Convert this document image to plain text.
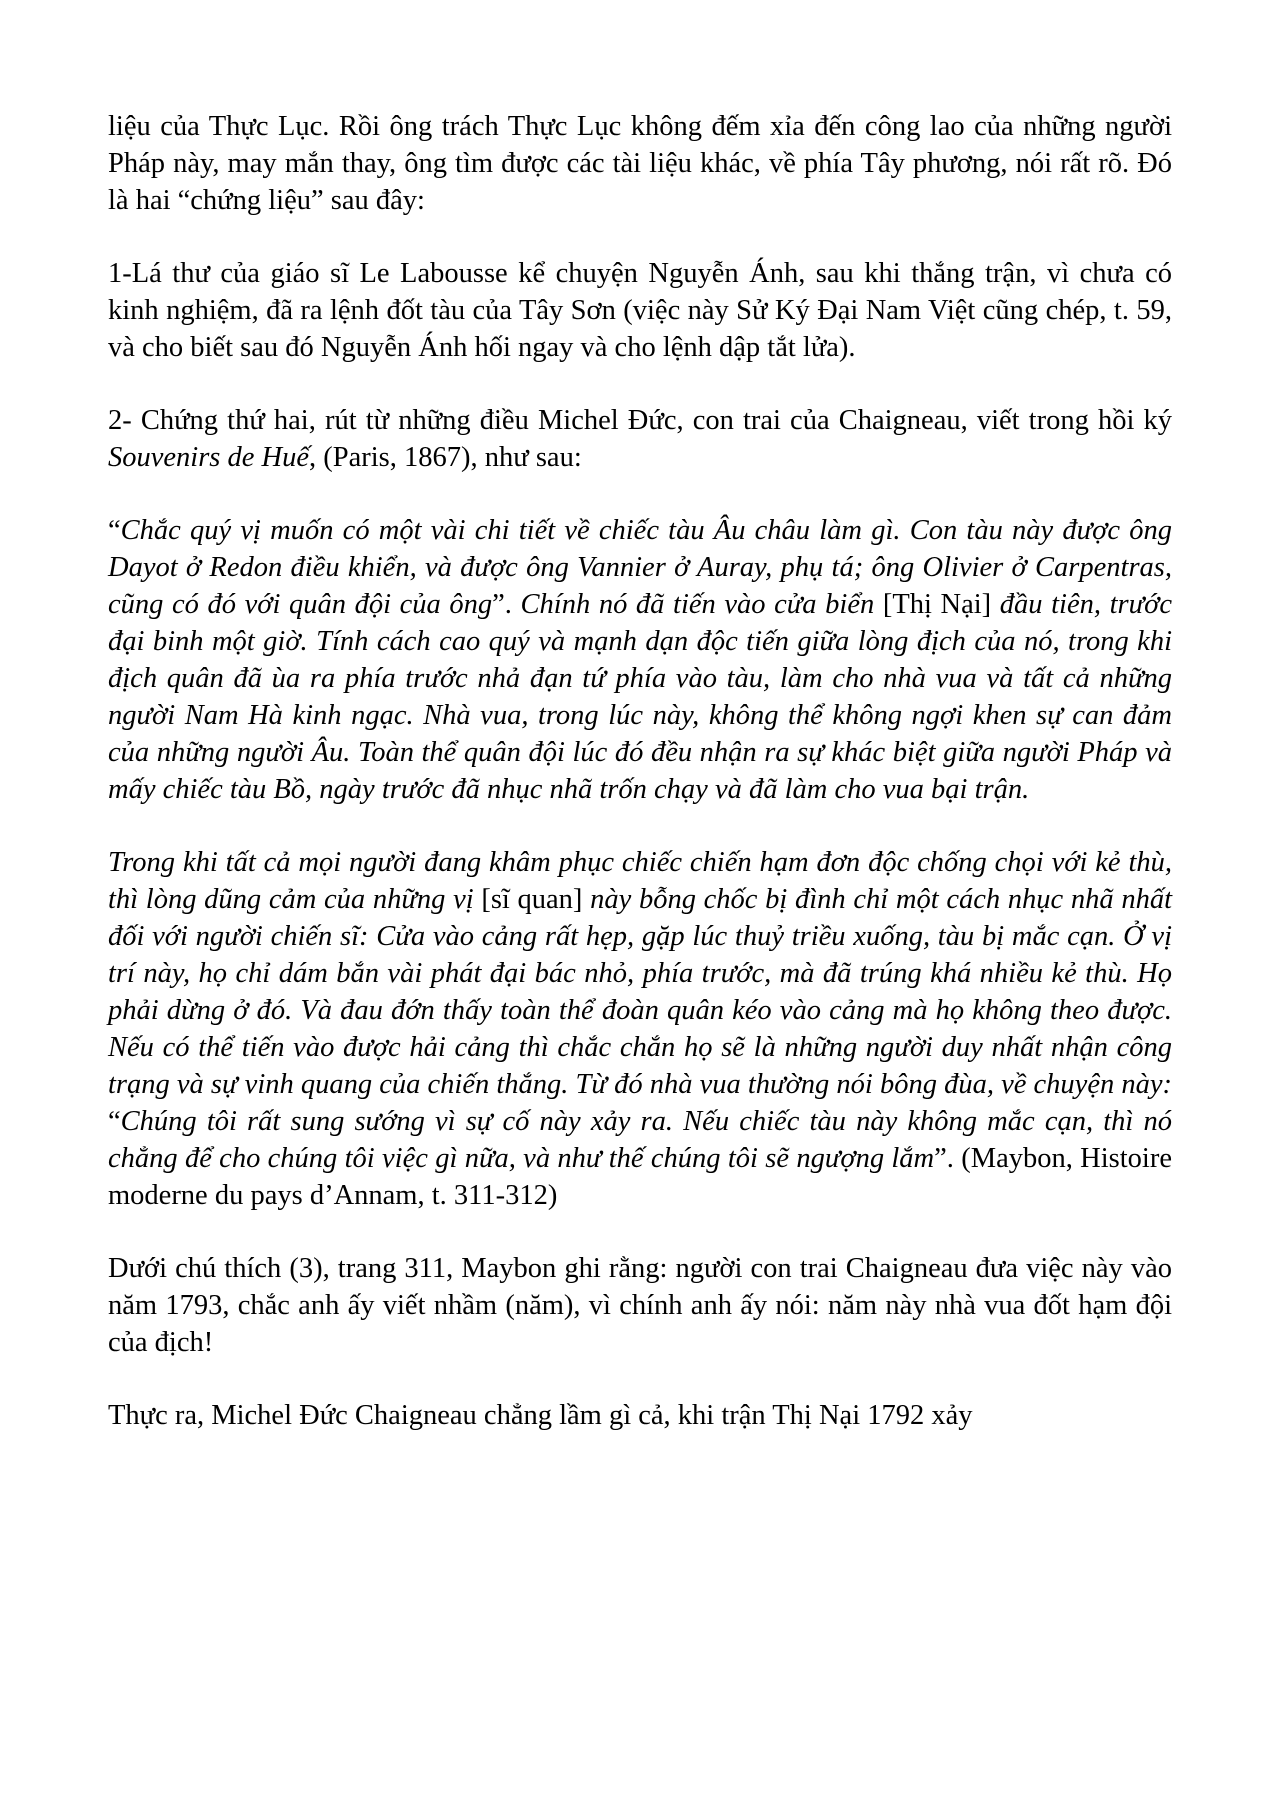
liệu của Thực Lục. Rồi ông trách Thực Lục không đếm xỉa đến công lao của những người Pháp này, may mắn thay, ông tìm được các tài liệu khác, về phía Tây phương, nói rất rõ. Đó là hai “chứng liệu” sau đây:

1-Lá thư của giáo sĩ Le Labousse kể chuyện Nguyễn Ánh, sau khi thắng trận, vì chưa có kinh nghiệm, đã ra lệnh đốt tàu của Tây Sơn (việc này Sử Ký Đại Nam Việt cũng chép, t. 59, và cho biết sau đó Nguyễn Ánh hối ngay và cho lệnh dập tắt lửa).

2- Chứng thứ hai, rút từ những điều Michel Đức, con trai của Chaigneau, viết trong hồi ký Souvenirs de Huế, (Paris, 1867), như sau:

“Chắc quý vị muốn có một vài chi tiết về chiếc tàu Âu châu làm gì. Con tàu này được ông Dayot ở Redon điều khiển, và được ông Vannier ở Auray, phụ tá; ông Olivier ở Carpentras, cũng có đó với quân đội của ông”. Chính nó đã tiến vào cửa biển [Thị Nại] đầu tiên, trước đại binh một giờ. Tính cách cao quý và mạnh dạn độc tiến giữa lòng địch của nó, trong khi địch quân đã ùa ra phía trước nhả đạn tứ phía vào tàu, làm cho nhà vua và tất cả những người Nam Hà kinh ngạc. Nhà vua, trong lúc này, không thể không ngợi khen sự can đảm của những người Âu. Toàn thể quân đội lúc đó đều nhận ra sự khác biệt giữa người Pháp và mấy chiếc tàu Bồ, ngày trước đã nhục nhã trốn chạy và đã làm cho vua bại trận.

Trong khi tất cả mọi người đang khâm phục chiếc chiến hạm đơn độc chống chọi với kẻ thù, thì lòng dũng cảm của những vị [sĩ quan] này bỗng chốc bị đình chỉ một cách nhục nhã nhất đối với người chiến sĩ: Cửa vào cảng rất hẹp, gặp lúc thuỷ triều xuống, tàu bị mắc cạn. Ở vị trí này, họ chỉ dám bắn vài phát đại bác nhỏ, phía trước, mà đã trúng khá nhiều kẻ thù. Họ phải dừng ở đó. Và đau đớn thấy toàn thể đoàn quân kéo vào cảng mà họ không theo được. Nếu có thể tiến vào được hải cảng thì chắc chắn họ sẽ là những người duy nhất nhận công trạng và sự vinh quang của chiến thắng. Từ đó nhà vua thường nói bông đùa, về chuyện này: “Chúng tôi rất sung sướng vì sự cố này xảy ra. Nếu chiếc tàu này không mắc cạn, thì nó chẳng để cho chúng tôi việc gì nữa, và như thế chúng tôi sẽ ngượng lắm”. (Maybon, Histoire moderne du pays d’Annam, t. 311-312)

Dưới chú thích (3), trang 311, Maybon ghi rằng: người con trai Chaigneau đưa việc này vào năm 1793, chắc anh ấy viết nhầm (năm), vì chính anh ấy nói: năm này nhà vua đốt hạm đội của địch!

Thực ra, Michel Đức Chaigneau chẳng lầm gì cả, khi trận Thị Nại 1792 xảy
